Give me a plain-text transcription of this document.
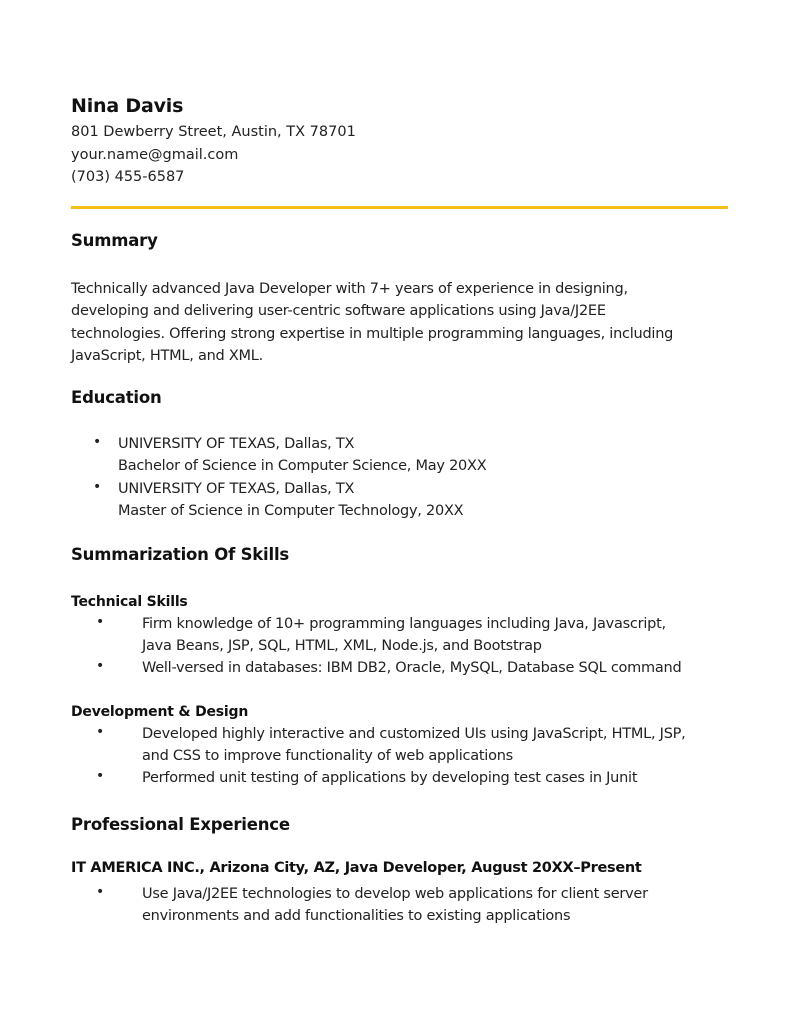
Nina Davis
801 Dewberry Street, Austin, TX 78701
your.name@gmail.com
(703) 455-6587
Summary
Technically advanced Java Developer with 7+ years of experience in designing,
developing and delivering user-centric software applications using Java/J2EE
technologies. Offering strong expertise in multiple programming languages, including
JavaScript, HTML, and XML.
Education
• UNIVERSITY OF TEXAS, Dallas, TX
Bachelor of Science in Computer Science, May 20XX
• UNIVERSITY OF TEXAS, Dallas, TX
Master of Science in Computer Technology, 20XX
Summarization Of Skills
Technical Skills
•	Firm knowledge of 10+ programming languages including Java, Javascript,
Java Beans, JSP, SQL, HTML, XML, Node.js, and Bootstrap
•	Well-versed in databases: IBM DB2, Oracle, MySQL, Database SQL command
Development & Design
•	Developed highly interactive and customized UIs using JavaScript, HTML, JSP,
and CSS to improve functionality of web applications
•	Performed unit testing of applications by developing test cases in Junit
Professional Experience
IT AMERICA INC., Arizona City, AZ, Java Developer, August 20XX–Present
•	Use Java/J2EE technologies to develop web applications for client server
environments and add functionalities to existing applications
